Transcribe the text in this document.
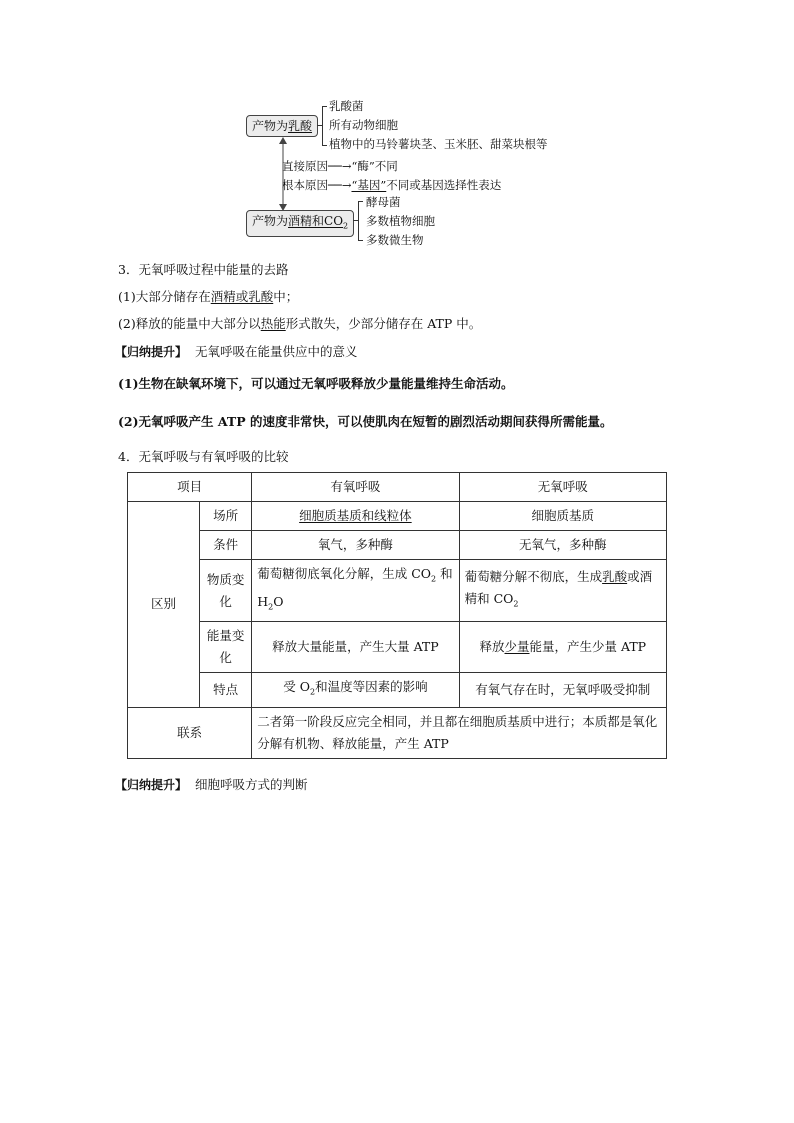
产物为乳酸
乳酸菌
所有动物细胞
植物中的马铃薯块茎、玉米胚、甜菜块根等
直接原因──→“酶”不同
根本原因──→“基因”不同或基因选择性表达
产物为酒精和$CO_2$
酵母菌
多数植物细胞
多数微生物
3．无氧呼吸过程中能量的去路
(1)大部分储存在酒精或乳酸中；
(2)释放的能量中大部分以热能形式散失，少部分储存在 ATP 中。
【归纳提升】 无氧呼吸在能量供应中的意义
(1)生物在缺氧环境下，可以通过无氧呼吸释放少量能量维持生命活动。
(2)无氧呼吸产生 ATP 的速度非常快，可以使肌肉在短暂的剧烈活动期间获得所需能量。
4．无氧呼吸与有氧呼吸的比较
项目		有氧呼吸	无氧呼吸
区别	场所	细胞质基质和线粒体	细胞质基质
	条件	氧气，多种酶	无氧气，多种酶
	物质变化	葡萄糖彻底氧化分解，生成 $CO_2$ 和 $H_2O$	葡萄糖分解不彻底，生成乳酸或酒精和 $CO_2$
	能量变化	释放大量能量，产生大量 ATP	释放少量能量，产生少量 ATP
	特点	受 $O_2$和温度等因素的影响	有氧气存在时，无氧呼吸受抑制
联系		二者第一阶段反应完全相同，并且都在细胞质基质中进行；本质都是氧化分解有机物、释放能量，产生 ATP	
【归纳提升】 细胞呼吸方式的判断
